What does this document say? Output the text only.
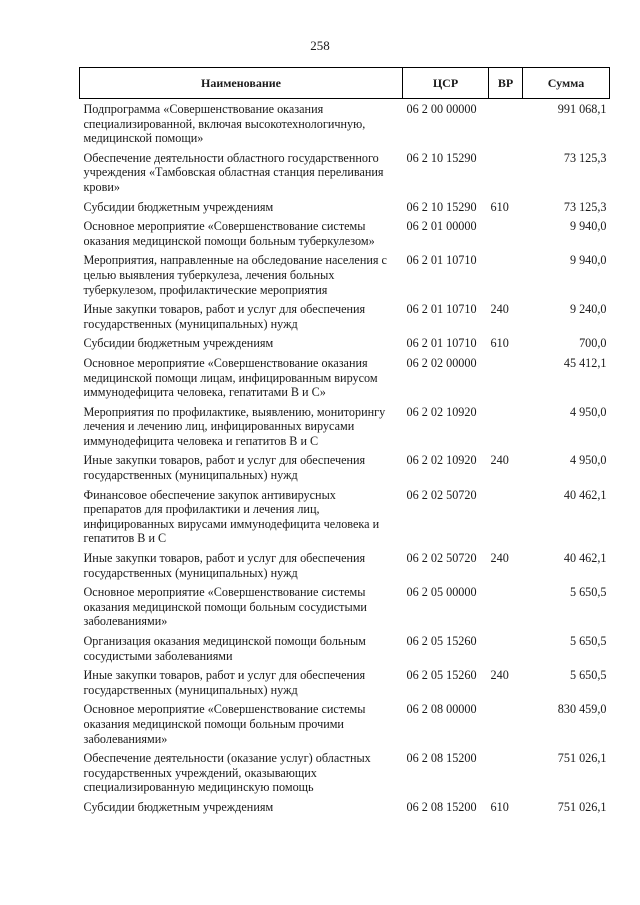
258
Наименование	ЦСР	ВР	Сумма
Подпрограмма «Совершенствование оказания специализированной, включая высокотехнологичную, медицинской помощи»	06 2 00 00000		991 068,1
Обеспечение деятельности областного государственного учреждения «Тамбовская областная станция переливания крови»	06 2 10 15290		73 125,3
Субсидии бюджетным учреждениям	06 2 10 15290	610	73 125,3
Основное мероприятие «Совершенствование системы оказания медицинской помощи больным туберкулезом»	06 2 01 00000		9 940,0
Мероприятия, направленные на обследование населения с целью выявления туберкулеза, лечения больных туберкулезом, профилактические мероприятия	06 2 01 10710		9 940,0
Иные закупки товаров, работ и услуг для обеспечения государственных (муниципальных) нужд	06 2 01 10710	240	9 240,0
Субсидии бюджетным учреждениям	06 2 01 10710	610	700,0
Основное мероприятие «Совершенствование оказания медицинской помощи лицам, инфицированным вирусом иммунодефицита человека, гепатитами В и С»	06 2 02 00000		45 412,1
Мероприятия по профилактике, выявлению, мониторингу лечения и лечению лиц, инфицированных вирусами иммунодефицита человека и гепатитов В и С	06 2 02 10920		4 950,0
Иные закупки товаров, работ и услуг для обеспечения государственных (муниципальных) нужд	06 2 02 10920	240	4 950,0
Финансовое обеспечение закупок антивирусных препаратов для профилактики и лечения лиц, инфицированных вирусами иммунодефицита человека и гепатитов В и С	06 2 02 50720		40 462,1
Иные закупки товаров, работ и услуг для обеспечения государственных (муниципальных) нужд	06 2 02 50720	240	40 462,1
Основное мероприятие «Совершенствование системы оказания медицинской помощи больным сосудистыми заболеваниями»	06 2 05 00000		5 650,5
Организация оказания медицинской помощи больным сосудистыми заболеваниями	06 2 05 15260		5 650,5
Иные закупки товаров, работ и услуг для обеспечения государственных (муниципальных) нужд	06 2 05 15260	240	5 650,5
Основное мероприятие «Совершенствование системы оказания медицинской помощи больным прочими заболеваниями»	06 2 08 00000		830 459,0
Обеспечение деятельности (оказание услуг) областных государственных учреждений, оказывающих специализированную медицинскую помощь	06 2 08 15200		751 026,1
Субсидии бюджетным учреждениям	06 2 08 15200	610	751 026,1
